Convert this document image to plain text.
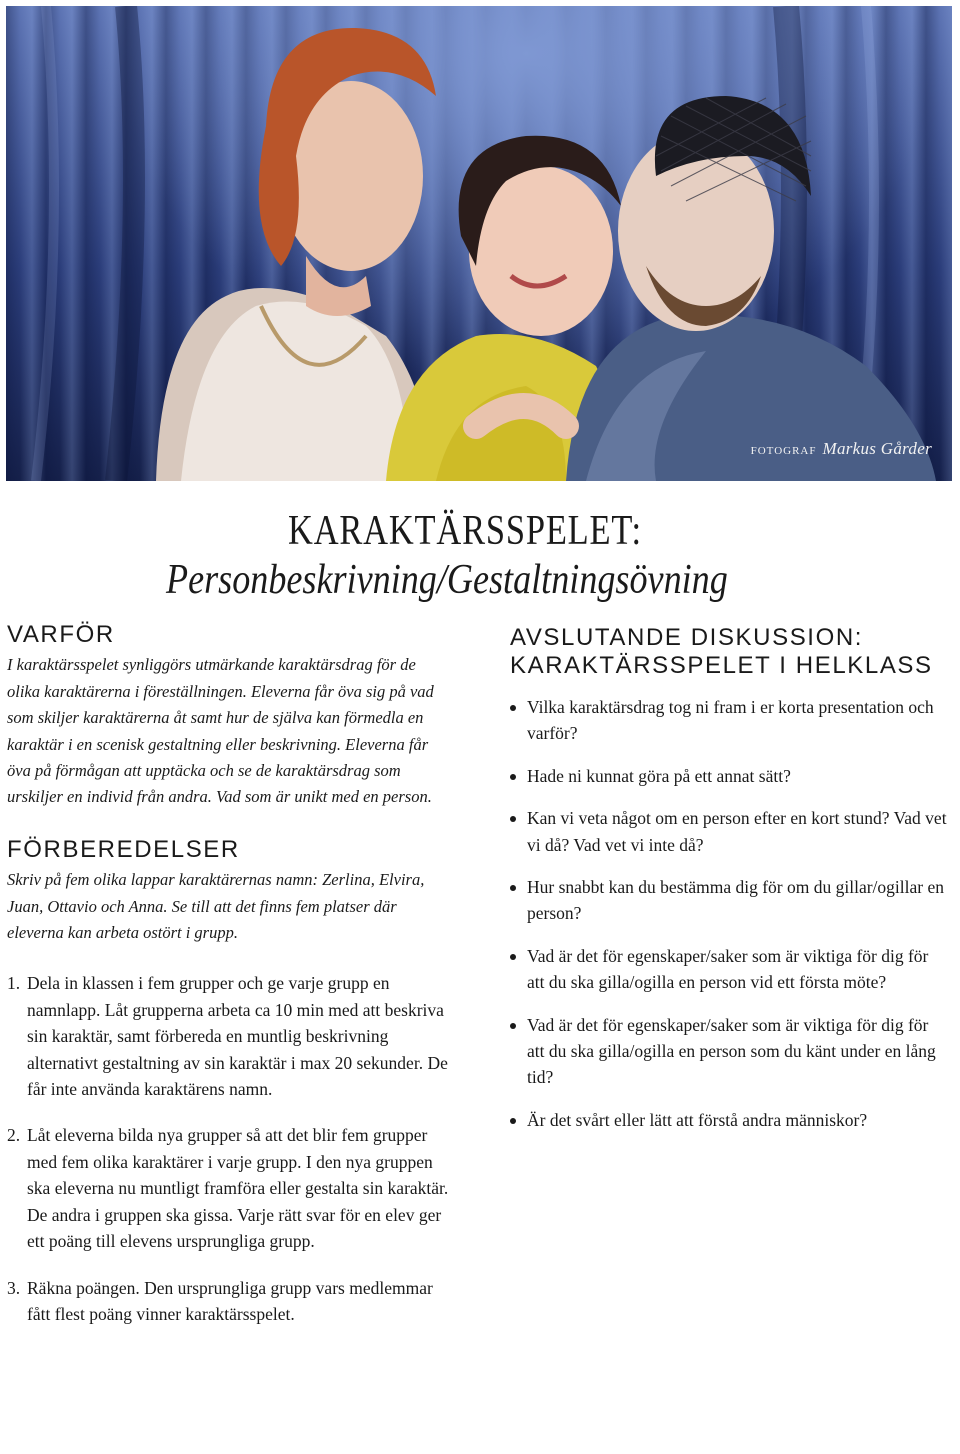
fotograf Markus Gårder
KARAKTÄRSSPELET:
Personbeskrivning/Gestaltningsövning
VARFÖR

I karaktärsspelet synliggörs utmärkande karaktärsdrag för de olika karaktärerna i föreställningen. Eleverna får öva sig på vad som skiljer karaktärerna åt samt hur de själva kan förmedla en karaktär i en scenisk gestaltning eller beskrivning. Eleverna får öva på förmågan att upptäcka och se de karaktärsdrag som urskiljer en individ från andra. Vad som är unikt med en person.

FÖRBEREDELSER

Skriv på fem olika lappar karaktärernas namn: Zerlina, Elvira, Juan, Ottavio och Anna. Se till att det finns fem platser där eleverna kan arbeta ostört i grupp.

1. Dela in klassen i fem grupper och ge varje grupp en namnlapp. Låt grupperna arbeta ca 10 min med att beskriva sin karaktär, samt förbereda en muntlig beskrivning alternativt gestaltning av sin karaktär i max 20 sekunder. De får inte använda karaktärens namn.
2. Låt eleverna bilda nya grupper så att det blir fem grupper med fem olika karaktärer i varje grupp. I den nya gruppen ska eleverna nu muntligt framföra eller gestalta sin karaktär. De andra i gruppen ska gissa. Varje rätt svar för en elev ger ett poäng till elevens ursprungliga grupp.
3. Räkna poängen. Den ursprungliga grupp vars medlemmar fått flest poäng vinner karaktärsspelet.
AVSLUTANDE DISKUSSION:
KARAKTÄRSSPELET I HELKLASS
Vilka karaktärsdrag tog ni fram i er korta presentation och varför?
Hade ni kunnat göra på ett annat sätt?
Kan vi veta något om en person efter en kort stund? Vad vet vi då? Vad vet vi inte då?
Hur snabbt kan du bestämma dig för om du gillar/ogillar en person?
Vad är det för egenskaper/saker som är viktiga för dig för att du ska gilla/ogilla en person vid ett första möte?
Vad är det för egenskaper/saker som är viktiga för dig för att du ska gilla/ogilla en person som du känt under en lång tid?
Är det svårt eller lätt att förstå andra människor?
